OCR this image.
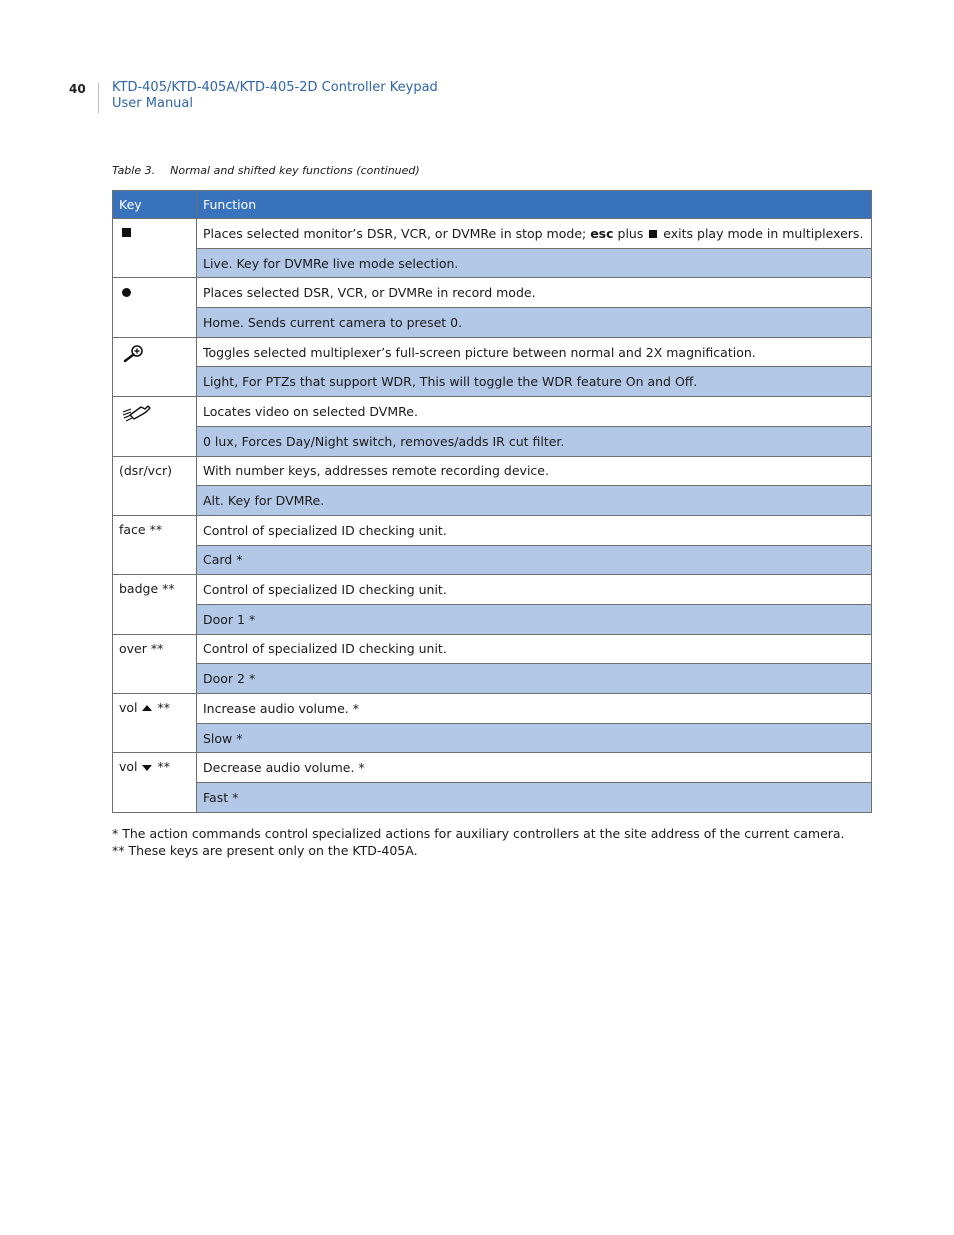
40 KTD-405/KTD-405A/KTD-405-2D Controller Keypad
User Manual
Table 3. Normal and shifted key functions (continued)
Key	Function
	Places selected monitor’s DSR, VCR, or DVMRe in stop mode; esc plus  exits play mode in multiplexers.
	Live. Key for DVMRe live mode selection.
	Places selected DSR, VCR, or DVMRe in record mode.
	Home. Sends current camera to preset 0.
	Toggles selected multiplexer’s full-screen picture between normal and 2X magnification.
	Light, For PTZs that support WDR, This will toggle the WDR feature On and Off.
	Locates video on selected DVMRe.
	0 lux, Forces Day/Night switch, removes/adds IR cut filter.
(dsr/vcr)	With number keys, addresses remote recording device.
	Alt. Key for DVMRe.
face **	Control of specialized ID checking unit.
	Card *
badge **	Control of specialized ID checking unit.
	Door 1 *
over **	Control of specialized ID checking unit.
	Door 2 *
vol **	Increase audio volume. *
	Slow *
vol **	Decrease audio volume. *
	Fast *
* The action commands control specialized actions for auxiliary controllers at the site address of the current camera.
** These keys are present only on the KTD-405A.
